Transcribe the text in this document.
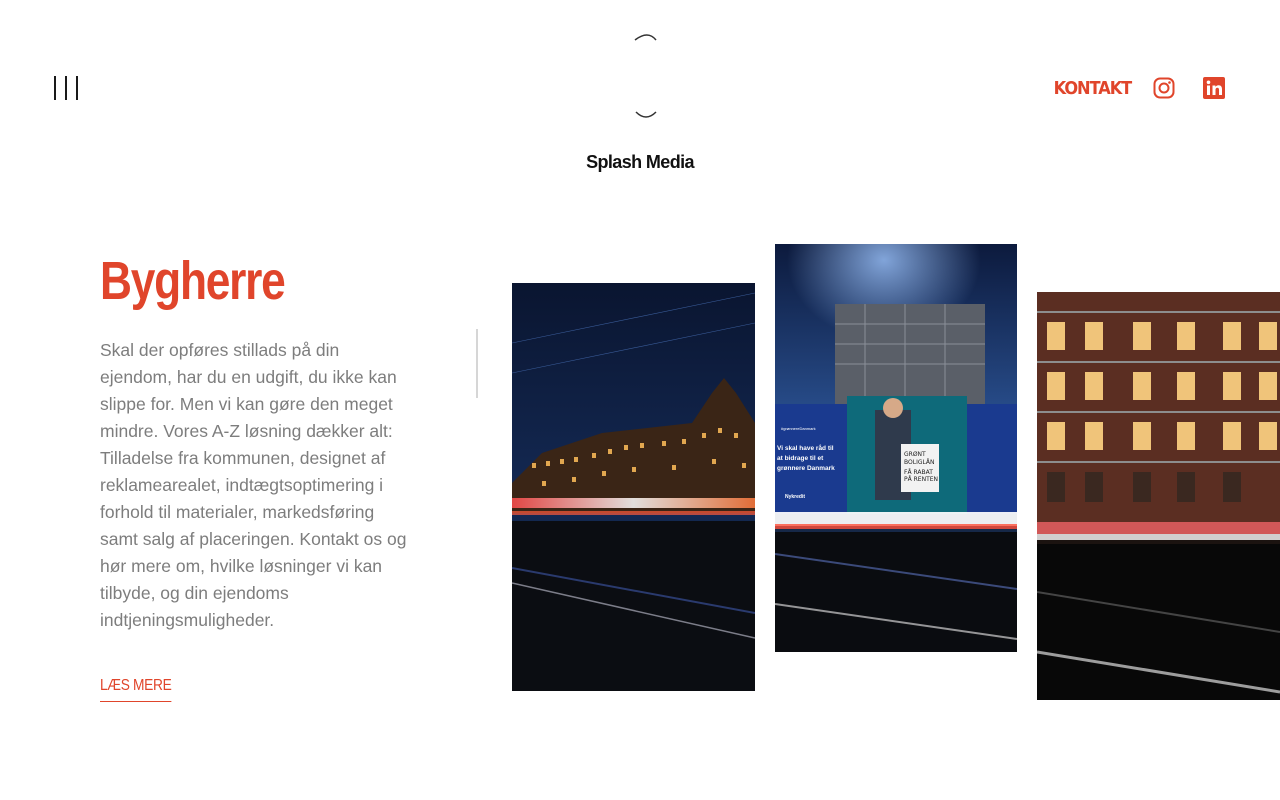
Splash Media
KONTAKT
Bygherre

Skal der opføres stillads på din ejendom, har du en udgift, du ikke kan slippe for. Men vi kan gøre den meget mindre. Vores A-Z løsning dækker alt: Tilladelse fra kommunen, designet af reklamearealet, indtægtsoptimering i forhold til materialer, markedsføring samt salg af placeringen. Kontakt os og hør mere om, hvilke løsninger vi kan tilbyde, og din ejendoms indtjeningsmuligheder.

LÆS MERE
GRØNT BOLIGLÅN FÅ RABAT PÅ RENTEN
#grønnereDanmark
Vi skal have råd til at bidrage til et grønnere Danmark
Nykredit
